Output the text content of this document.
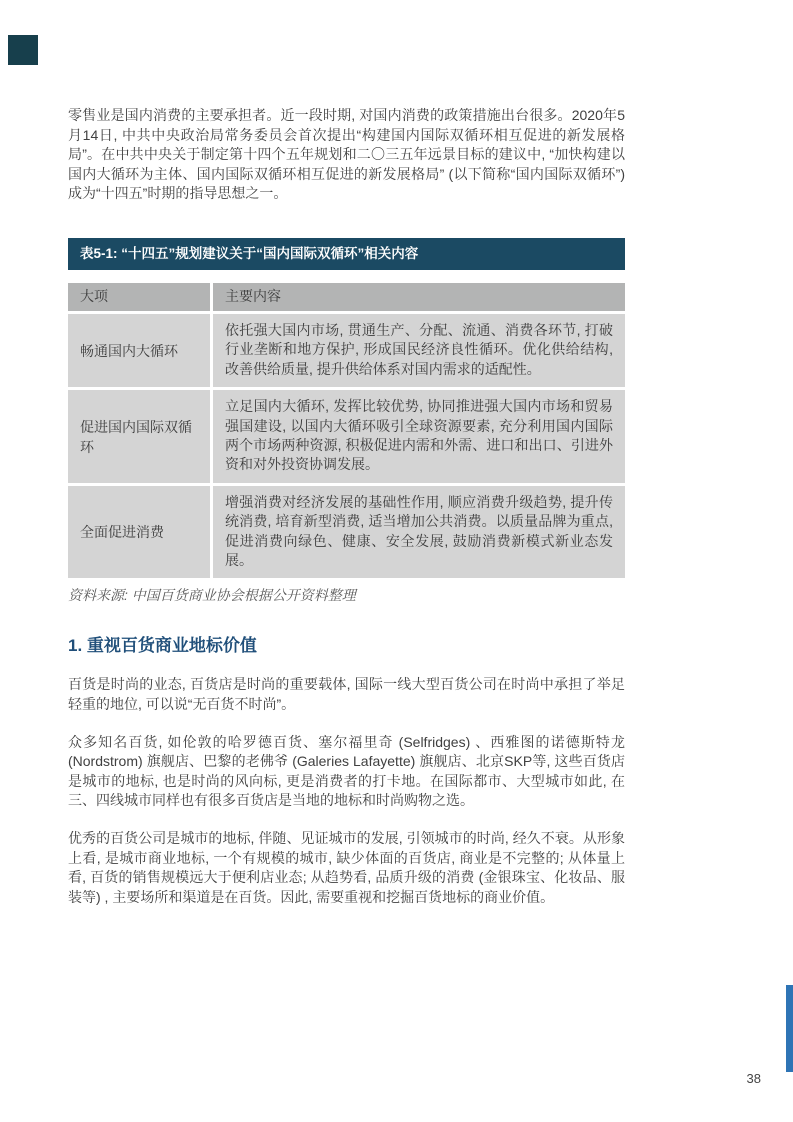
零售业是国内消费的主要承担者。近一段时期, 对国内消费的政策措施出台很多。2020年5月14日, 中共中央政治局常务委员会首次提出“构建国内国际双循环相互促进的新发展格局”。在中共中央关于制定第十四个五年规划和二〇三五年远景目标的建议中, “加快构建以国内大循环为主体、国内国际双循环相互促进的新发展格局” (以下简称“国内国际双循环”) 成为“十四五”时期的指导思想之一。

表5-1: “十四五”规划建议关于“国内国际双循环”相关内容
大项	主要内容
畅通国内大循环
依托强大国内市场, 贯通生产、分配、流通、消费各环节, 打破行业垄断和地方保护, 形成国民经济良性循环。优化供给结构, 改善供给质量, 提升供给体系对国内需求的适配性。
促进国内国际双循环
立足国内大循环, 发挥比较优势, 协同推进强大国内市场和贸易强国建设, 以国内大循环吸引全球资源要素, 充分利用国内国际两个市场两种资源, 积极促进内需和外需、进口和出口、引进外资和对外投资协调发展。
全面促进消费
增强消费对经济发展的基础性作用, 顺应消费升级趋势, 提升传统消费, 培育新型消费, 适当增加公共消费。以质量品牌为重点, 促进消费向绿色、健康、安全发展, 鼓励消费新模式新业态发展。
资料来源: 中国百货商业协会根据公开资料整理
1. 重视百货商业地标价值

百货是时尚的业态, 百货店是时尚的重要载体, 国际一线大型百货公司在时尚中承担了举足轻重的地位, 可以说“无百货不时尚”。

众多知名百货, 如伦敦的哈罗德百货、塞尔福里奇 (Selfridges) 、西雅图的诺德斯特龙 (Nordstrom) 旗舰店、巴黎的老佛爷 (Galeries Lafayette) 旗舰店、北京SKP等, 这些百货店是城市的地标, 也是时尚的风向标, 更是消费者的打卡地。在国际都市、大型城市如此, 在三、四线城市同样也有很多百货店是当地的地标和时尚购物之选。

优秀的百货公司是城市的地标, 伴随、见证城市的发展, 引领城市的时尚, 经久不衰。从形象上看, 是城市商业地标, 一个有规模的城市, 缺少体面的百货店, 商业是不完整的; 从体量上看, 百货的销售规模远大于便利店业态; 从趋势看, 品质升级的消费 (金银珠宝、化妆品、服装等) , 主要场所和渠道是在百货。因此, 需要重视和挖掘百货地标的商业价值。

38
